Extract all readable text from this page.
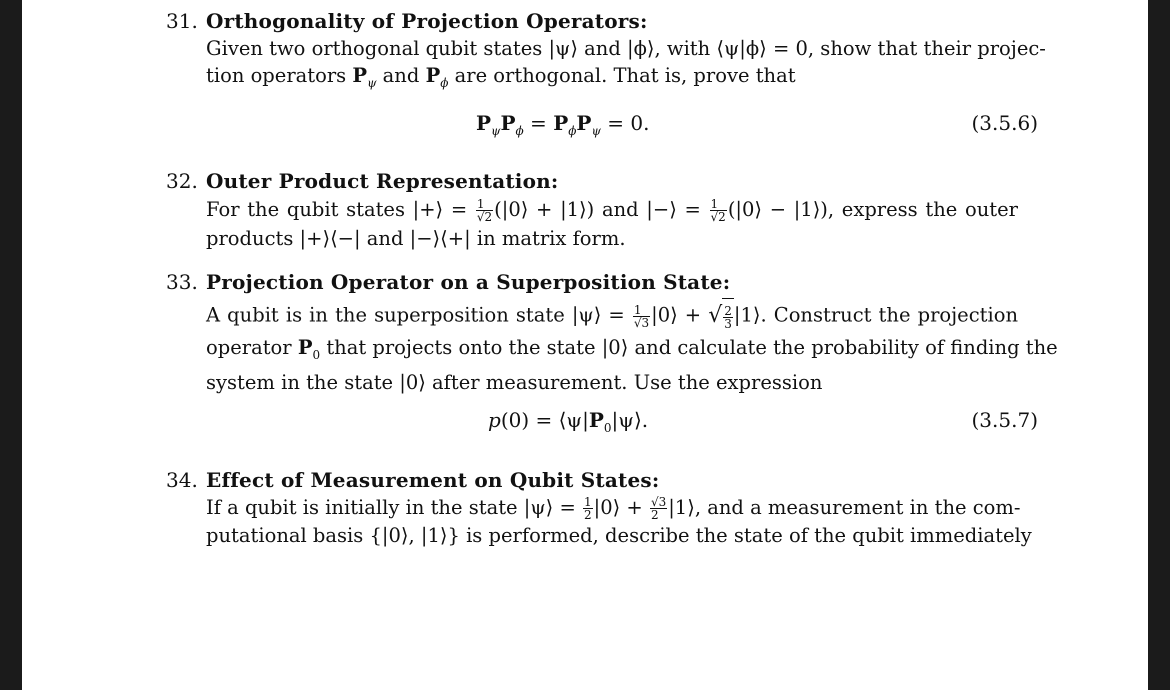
31. Orthogonality of Projection Operators:
Given two orthogonal qubit states |ψ⟩ and |ϕ⟩, with ⟨ψ|ϕ⟩ = 0, show that their projec-
tion operators $P_\psi$ and $P_\phi$ are orthogonal. That is, prove that
$P_\psi P_\phi = P_\phi P_\psi = 0$.	(3.5.6)
32. Outer Product Representation:
For the qubit states |+⟩ = $\frac{1}{√2}$ (|0⟩ + |1⟩) and |−⟩ = $\frac{1}{√2}$ (|0⟩ − |1⟩), express the outer
products |+⟩⟨−| and |−⟩⟨+| in matrix form.
33. Projection Operator on a Superposition State:
A qubit is in the superposition state |ψ⟩ = $\frac{1}{√3}$ |0⟩ + √ $\frac{2}{3}$ |1⟩. Construct the projection
operator $P_0$ that projects onto the state |0⟩ and calculate the probability of finding the
system in the state |0⟩ after measurement. Use the expression
$p(0) = ⟨\psi|P_0|\psi⟩$.	(3.5.7)
34. Effect of Measurement on Qubit States:
If a qubit is initially in the state |ψ⟩ = $\frac{1}{2}$ |0⟩ + $\frac{√3}{2}$ |1⟩, and a measurement in the com-
putational basis {|0⟩, |1⟩} is performed, describe the state of the qubit immediately
